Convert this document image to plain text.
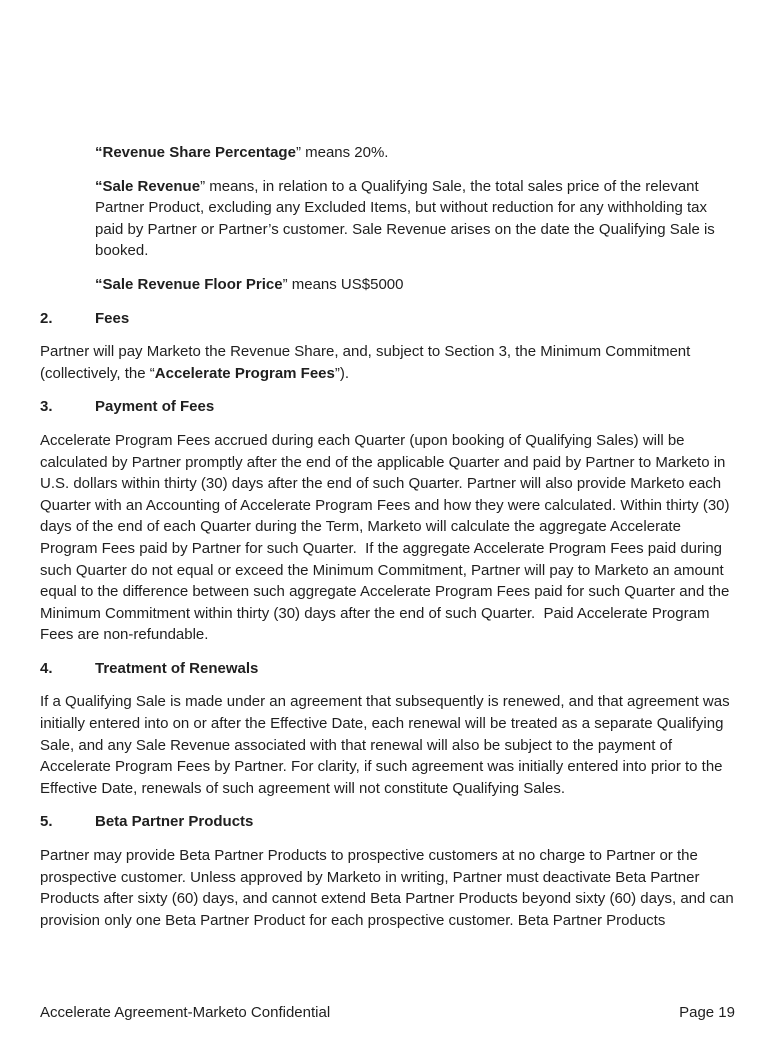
“Revenue Share Percentage” means 20%.

“Sale Revenue” means, in relation to a Qualifying Sale, the total sales price of the relevant Partner Product, excluding any Excluded Items, but without reduction for any withholding tax paid by Partner or Partner’s customer. Sale Revenue arises on the date the Qualifying Sale is booked.

“Sale Revenue Floor Price” means US$5000

2.	Fees

Partner will pay Marketo the Revenue Share, and, subject to Section 3, the Minimum Commitment (collectively, the “Accelerate Program Fees”).

3.	Payment of Fees

Accelerate Program Fees accrued during each Quarter (upon booking of Qualifying Sales) will be calculated by Partner promptly after the end of the applicable Quarter and paid by Partner to Marketo in U.S. dollars within thirty (30) days after the end of such Quarter. Partner will also provide Marketo each Quarter with an Accounting of Accelerate Program Fees and how they were calculated. Within thirty (30) days of the end of each Quarter during the Term, Marketo will calculate the aggregate Accelerate Program Fees paid by Partner for such Quarter.  If the aggregate Accelerate Program Fees paid during such Quarter do not equal or exceed the Minimum Commitment, Partner will pay to Marketo an amount equal to the difference between such aggregate Accelerate Program Fees paid for such Quarter and the Minimum Commitment within thirty (30) days after the end of such Quarter.  Paid Accelerate Program Fees are non-refundable.

4.	Treatment of Renewals

If a Qualifying Sale is made under an agreement that subsequently is renewed, and that agreement was initially entered into on or after the Effective Date, each renewal will be treated as a separate Qualifying Sale, and any Sale Revenue associated with that renewal will also be subject to the payment of Accelerate Program Fees by Partner. For clarity, if such agreement was initially entered into prior to the Effective Date, renewals of such agreement will not constitute Qualifying Sales.

5.	Beta Partner Products

Partner may provide Beta Partner Products to prospective customers at no charge to Partner or the prospective customer. Unless approved by Marketo in writing, Partner must deactivate Beta Partner Products after sixty (60) days, and cannot extend Beta Partner Products beyond sixty (60) days, and can provision only one Beta Partner Product for each prospective customer. Beta Partner Products

Accelerate Agreement-Marketo Confidential	Page 19
